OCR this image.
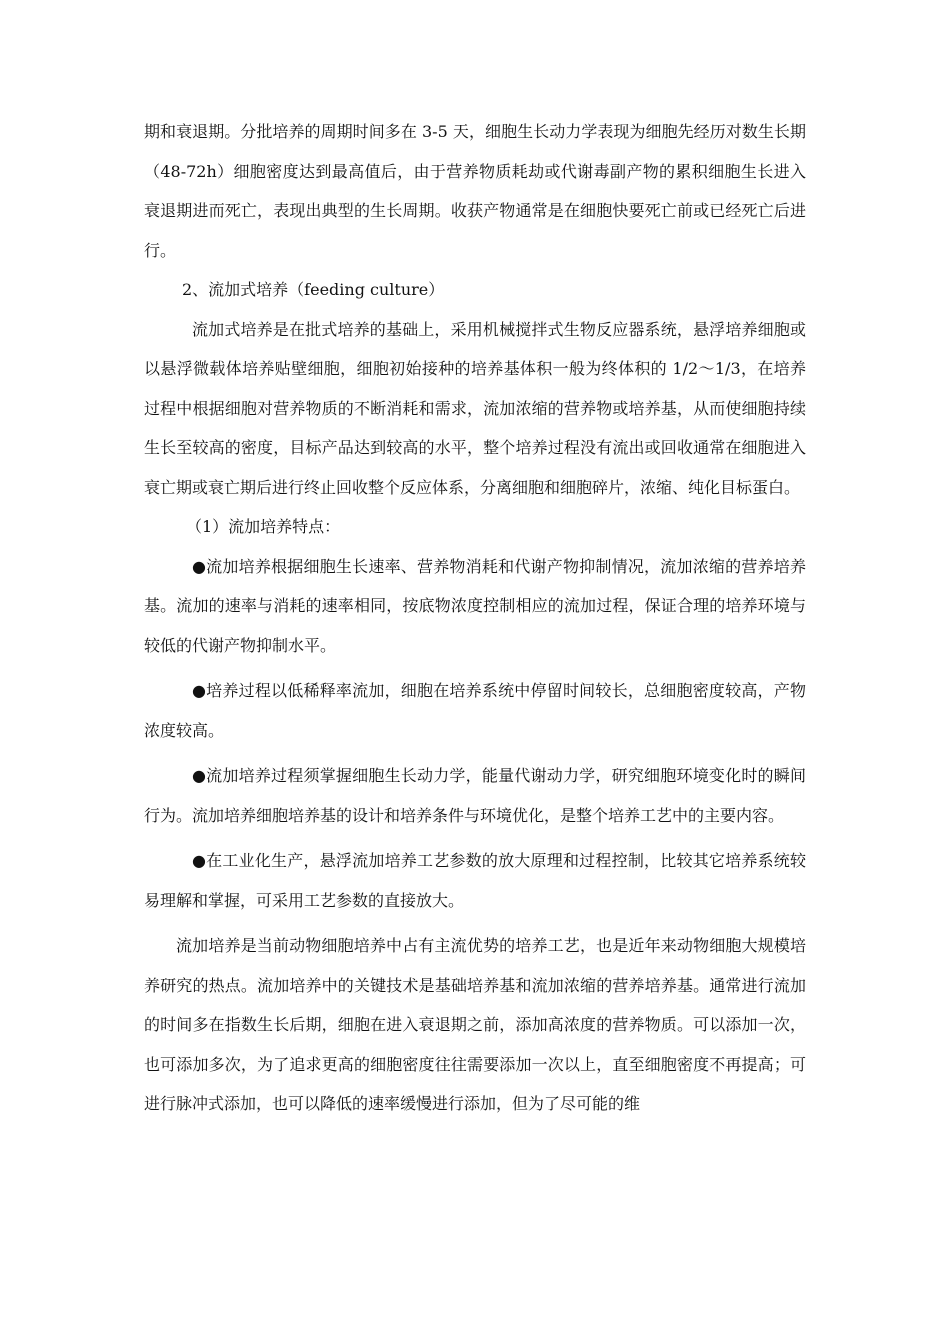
期和衰退期。分批培养的周期时间多在 3-5 天，细胞生长动力学表现为细胞先经历对数生长期（48-72h）细胞密度达到最高值后，由于营养物质耗劫或代谢毒副产物的累积细胞生长进入衰退期进而死亡，表现出典型的生长周期。收获产物通常是在细胞快要死亡前或已经死亡后进行。

2、流加式培养（feeding culture）

流加式培养是在批式培养的基础上，采用机械搅拌式生物反应器系统，悬浮培养细胞或以悬浮微载体培养贴壁细胞，细胞初始接种的培养基体积一般为终体积的 1/2～1/3，在培养过程中根据细胞对营养物质的不断消耗和需求，流加浓缩的营养物或培养基，从而使细胞持续生长至较高的密度，目标产品达到较高的水平，整个培养过程没有流出或回收通常在细胞进入衰亡期或衰亡期后进行终止回收整个反应体系，分离细胞和细胞碎片，浓缩、纯化目标蛋白。

（1）流加培养特点：

●流加培养根据细胞生长速率、营养物消耗和代谢产物抑制情况，流加浓缩的营养培养基。流加的速率与消耗的速率相同，按底物浓度控制相应的流加过程，保证合理的培养环境与较低的代谢产物抑制水平。

●培养过程以低稀释率流加，细胞在培养系统中停留时间较长，总细胞密度较高，产物浓度较高。

●流加培养过程须掌握细胞生长动力学，能量代谢动力学，研究细胞环境变化时的瞬间行为。流加培养细胞培养基的设计和培养条件与环境优化，是整个培养工艺中的主要内容。

●在工业化生产，悬浮流加培养工艺参数的放大原理和过程控制，比较其它培养系统较易理解和掌握，可采用工艺参数的直接放大。

流加培养是当前动物细胞培养中占有主流优势的培养工艺，也是近年来动物细胞大规模培养研究的热点。流加培养中的关键技术是基础培养基和流加浓缩的营养培养基。通常进行流加的时间多在指数生长后期，细胞在进入衰退期之前，添加高浓度的营养物质。可以添加一次，也可添加多次，为了追求更高的细胞密度往往需要添加一次以上，直至细胞密度不再提高；可进行脉冲式添加，也可以降低的速率缓慢进行添加，但为了尽可能的维
